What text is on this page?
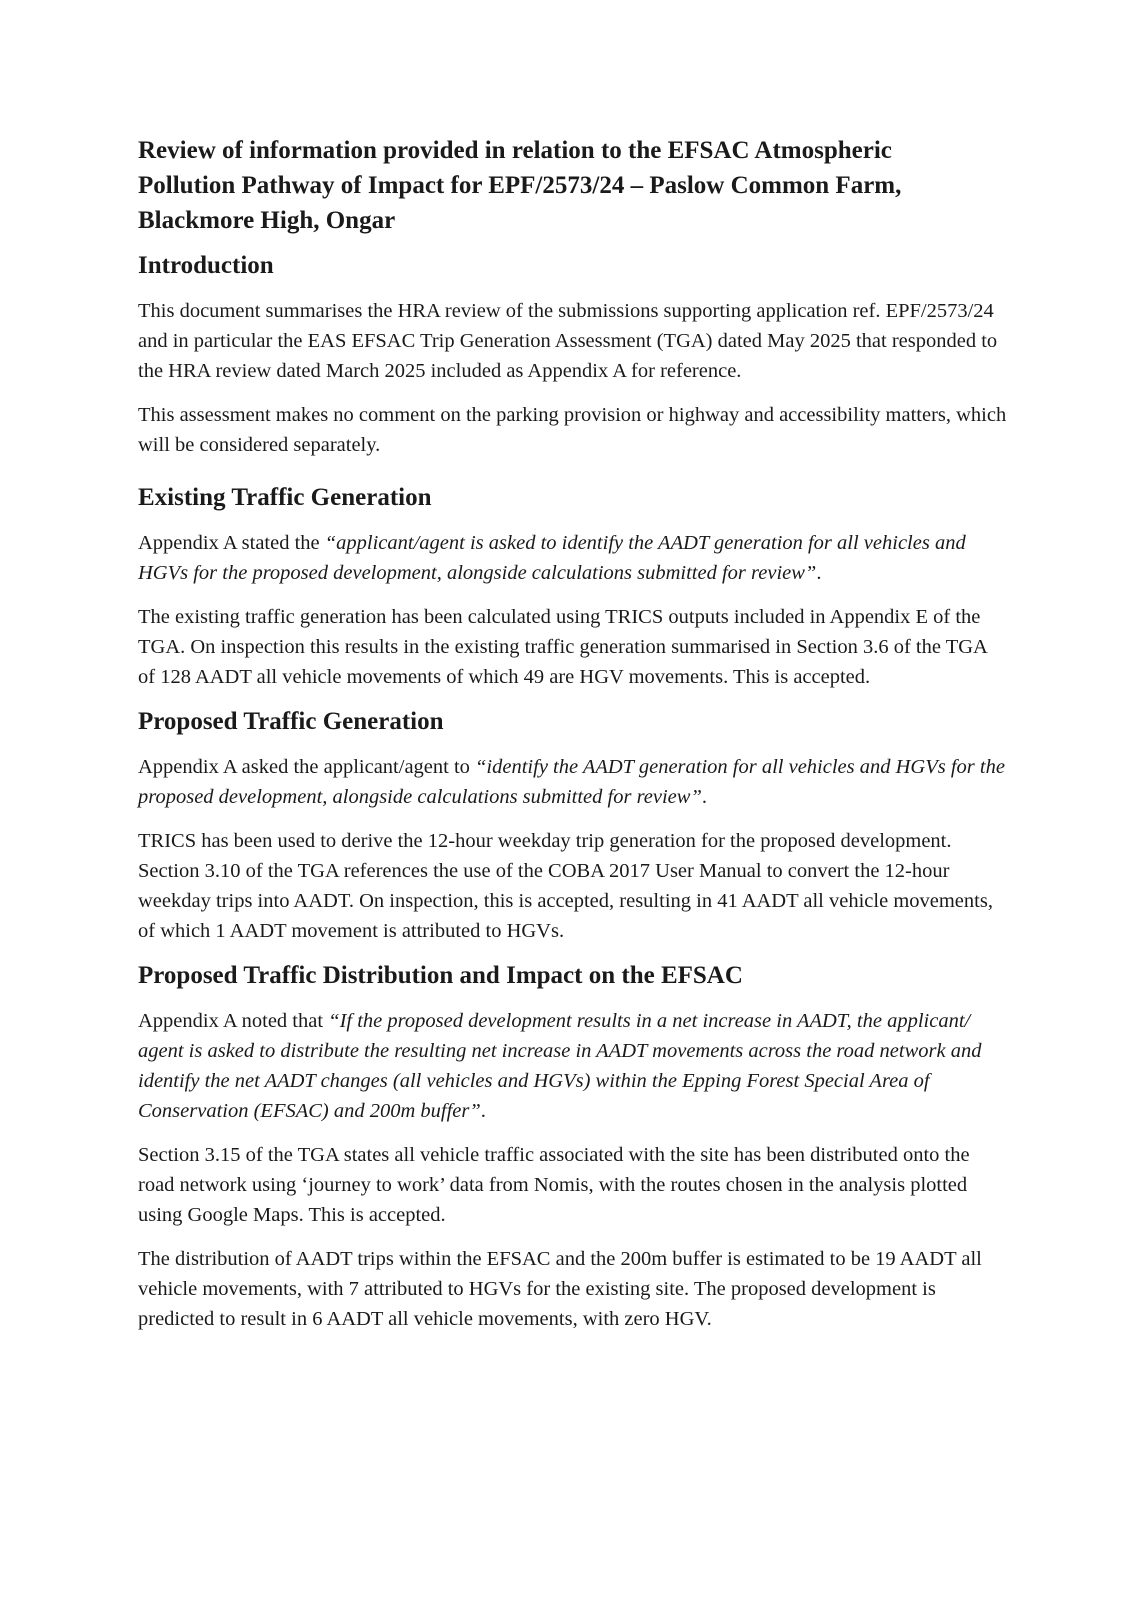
Review of information provided in relation to the EFSAC Atmospheric Pollution Pathway of Impact for EPF/2573/24 – Paslow Common Farm, Blackmore High, Ongar
Introduction

This document summarises the HRA review of the submissions supporting application ref. EPF/2573/24 and in particular the EAS EFSAC Trip Generation Assessment (TGA) dated May 2025 that responded to the HRA review dated March 2025 included as Appendix A for reference.

This assessment makes no comment on the parking provision or highway and accessibility matters, which will be considered separately.

Existing Traffic Generation

Appendix A stated the “applicant/agent is asked to identify the AADT generation for all vehicles and HGVs for the proposed development, alongside calculations submitted for review”.

The existing traffic generation has been calculated using TRICS outputs included in Appendix E of the TGA. On inspection this results in the existing traffic generation summarised in Section 3.6 of the TGA of 128 AADT all vehicle movements of which 49 are HGV movements. This is accepted.

Proposed Traffic Generation

Appendix A asked the applicant/agent to “identify the AADT generation for all vehicles and HGVs for the proposed development, alongside calculations submitted for review”.

TRICS has been used to derive the 12-hour weekday trip generation for the proposed development. Section 3.10 of the TGA references the use of the COBA 2017 User Manual to convert the 12-hour weekday trips into AADT. On inspection, this is accepted, resulting in 41 AADT all vehicle movements, of which 1 AADT movement is attributed to HGVs.

Proposed Traffic Distribution and Impact on the EFSAC

Appendix A noted that “If the proposed development results in a net increase in AADT, the applicant/ agent is asked to distribute the resulting net increase in AADT movements across the road network and identify the net AADT changes (all vehicles and HGVs) within the Epping Forest Special Area of Conservation (EFSAC) and 200m buffer”.

Section 3.15 of the TGA states all vehicle traffic associated with the site has been distributed onto the road network using ‘journey to work’ data from Nomis, with the routes chosen in the analysis plotted using Google Maps. This is accepted.

The distribution of AADT trips within the EFSAC and the 200m buffer is estimated to be 19 AADT all vehicle movements, with 7 attributed to HGVs for the existing site. The proposed development is predicted to result in 6 AADT all vehicle movements, with zero HGV.
